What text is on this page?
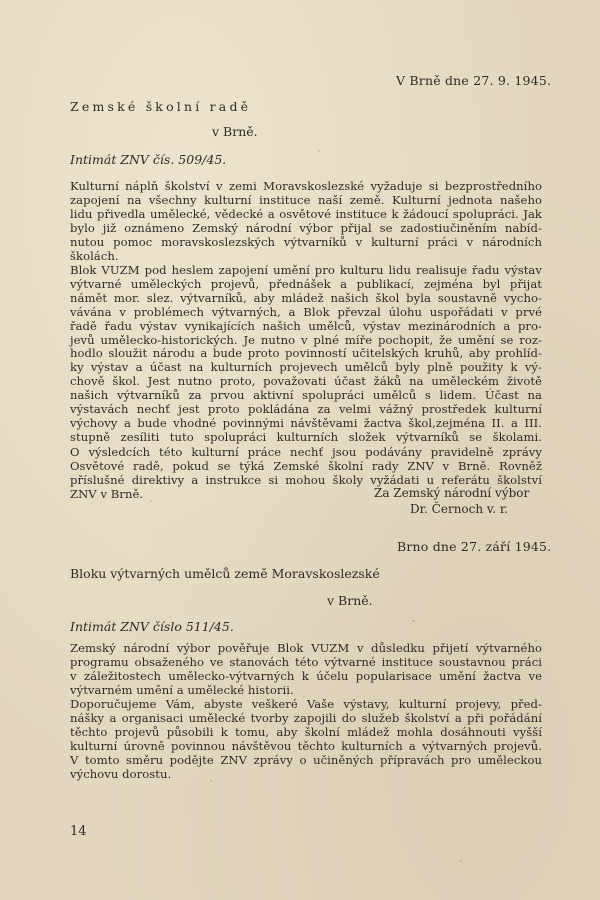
V Brně dne 27. 9. 1945.
Zemské školní radě
v Brně.
Intimát ZNV čís. 509/45.
Kulturní náplň školství v zemi Moravskoslezské vyžaduje si bezprostředního
zapojení na všechny kulturní instituce naší země. Kulturní jednota našeho
lidu přivedla umělecké, vědecké a osvětové instituce k žádoucí spolupráci. Jak
bylo již oznámeno Zemský národní výbor přijal se zadostiučiněním nabíd-
nutou pomoc moravskoslezských výtvarníků v kulturní práci v národních
školách.
Blok VUZM pod heslem zapojení umění pro kulturu lidu realisuje řadu výstav
výtvarné uměleckých projevů, přednášek a publikací, zejména byl přijat
námět mor. slez. výtvarníků, aby mládež našich škol byla soustavně vycho-
vávána v problémech výtvarných, a Blok převzal úlohu uspořádati v prvé
řadě řadu výstav vynikajících našich umělců, výstav mezinárodních a pro-
jevů umělecko-historických. Je nutno v plné míře pochopit, že umění se roz-
hodlo sloužit národu a bude proto povinností učitelských kruhů, aby prohlíd-
ky výstav a účast na kulturních projevech umělců byly plně použity k vý-
chově škol. Jest nutno proto, považovati účast žáků na uměleckém životě
našich výtvarníků za prvou aktivní spolupráci umělců s lidem. Účast na
výstavách nechť jest proto pokládána za velmi vážný prostředek kulturní
výchovy a bude vhodné povinnými návštěvami žactva škol,zejména II. a III.
stupně zesíliti tuto spolupráci kulturních složek výtvarníků se školami.
O výsledcích této kulturní práce nechť jsou podávány pravidelně zprávy
Osvětové radě, pokud se týká Zemské školní rady ZNV v Brně. Rovněž
příslušné direktivy a instrukce si mohou školy vyžádati u referátu školství
ZNV v Brně.	Za Zemský národní výbor
Dr. Černoch v. r.
Brno dne 27. září 1945.
Bloku výtvarných umělců země Moravskoslezské
v Brně.
Intimát ZNV číslo 511/45.
Zemský národní výbor pověřuje Blok VUZM v důsledku přijetí výtvarného
programu obsaženého ve stanovách této výtvarné instituce soustavnou práci
v záležitostech umělecko-výtvarných k účelu popularisace umění žactva ve
výtvarném umění a umělecké historii.
Doporučujeme Vám, abyste veškeré Vaše výstavy, kulturní projevy, před-
nášky a organisaci umělecké tvorby zapojili do služeb školství a při pořádání
těchto projevů působili k tomu, aby školní mládež mohla dosáhnouti vyšší
kulturní úrovně povinnou návštěvou těchto kulturních a výtvarných projevů.
V tomto směru podějte ZNV zprávy o učiněných přípravách pro uměleckou
výchovu dorostu.
14
